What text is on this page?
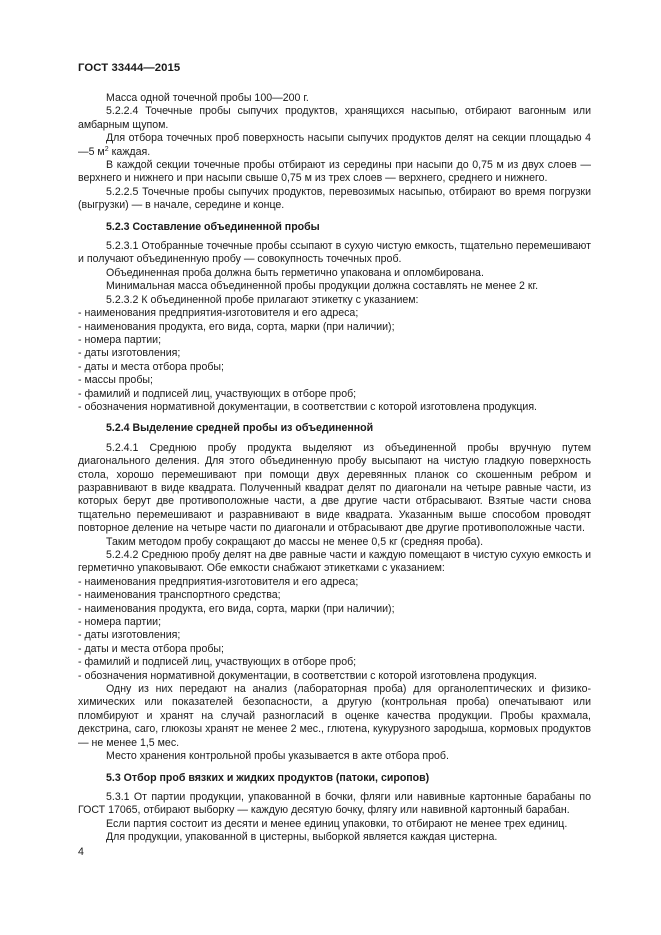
ГОСТ 33444—2015

Масса одной точечной пробы 100—200 г.

5.2.2.4 Точечные пробы сыпучих продуктов, хранящихся насыпью, отбирают вагонным или амбарным щупом.

Для отбора точечных проб поверхность насыпи сыпучих продуктов делят на секции площадью 4—5 $м^2$ каждая.

В каждой секции точечные пробы отбирают из середины при насыпи до 0,75 м из двух слоев — верхнего и нижнего и при насыпи свыше 0,75 м из трех слоев — верхнего, среднего и нижнего.

5.2.2.5 Точечные пробы сыпучих продуктов, перевозимых насыпью, отбирают во время погрузки (выгрузки) — в начале, середине и конце.

5.2.3 Составление объединенной пробы

5.2.3.1 Отобранные точечные пробы ссыпают в сухую чистую емкость, тщательно перемешивают и получают объединенную пробу — совокупность точечных проб.

Объединенная проба должна быть герметично упакована и опломбирована.

Минимальная масса объединенной пробы продукции должна составлять не менее 2 кг.

5.2.3.2 К объединенной пробе прилагают этикетку с указанием:

- наименования предприятия-изготовителя и его адреса;

- наименования продукта, его вида, сорта, марки (при наличии);

- номера партии;

- даты изготовления;

- даты и места отбора пробы;

- массы пробы;

- фамилий и подписей лиц, участвующих в отборе проб;

- обозначения нормативной документации, в соответствии с которой изготовлена продукция.

5.2.4 Выделение средней пробы из объединенной

5.2.4.1 Среднюю пробу продукта выделяют из объединенной пробы вручную путем диагонального деления. Для этого объединенную пробу высыпают на чистую гладкую поверхность стола, хорошо перемешивают при помощи двух деревянных планок со скошенным ребром и разравнивают в виде квадрата. Полученный квадрат делят по диагонали на четыре равные части, из которых берут две противоположные части, а две другие части отбрасывают. Взятые части снова тщательно перемешивают и разравнивают в виде квадрата. Указанным выше способом проводят повторное деление на четыре части по диагонали и отбрасывают две другие противоположные части.

Таким методом пробу сокращают до массы не менее 0,5 кг (средняя проба).

5.2.4.2 Среднюю пробу делят на две равные части и каждую помещают в чистую сухую емкость и герметично упаковывают. Обе емкости снабжают этикетками с указанием:

- наименования предприятия-изготовителя и его адреса;

- наименования транспортного средства;

- наименования продукта, его вида, сорта, марки (при наличии);

- номера партии;

- даты изготовления;

- даты и места отбора пробы;

- фамилий и подписей лиц, участвующих в отборе проб;

- обозначения нормативной документации, в соответствии с которой изготовлена продукция.

Одну из них передают на анализ (лабораторная проба) для органолептических и физико-химических или показателей безопасности, а другую (контрольная проба) опечатывают или пломбируют и хранят на случай разногласий в оценке качества продукции. Пробы крахмала, декстрина, саго, глюкозы хранят не менее 2 мес., глютена, кукурузного зародыша, кормовых продуктов — не менее 1,5 мес.

Место хранения контрольной пробы указывается в акте отбора проб.

5.3 Отбор проб вязких и жидких продуктов (патоки, сиропов)

5.3.1 От партии продукции, упакованной в бочки, фляги или навивные картонные барабаны по ГОСТ 17065, отбирают выборку — каждую десятую бочку, флягу или навивной картонный барабан.

Если партия состоит из десяти и менее единиц упаковки, то отбирают не менее трех единиц.

Для продукции, упакованной в цистерны, выборкой является каждая цистерна.

4
